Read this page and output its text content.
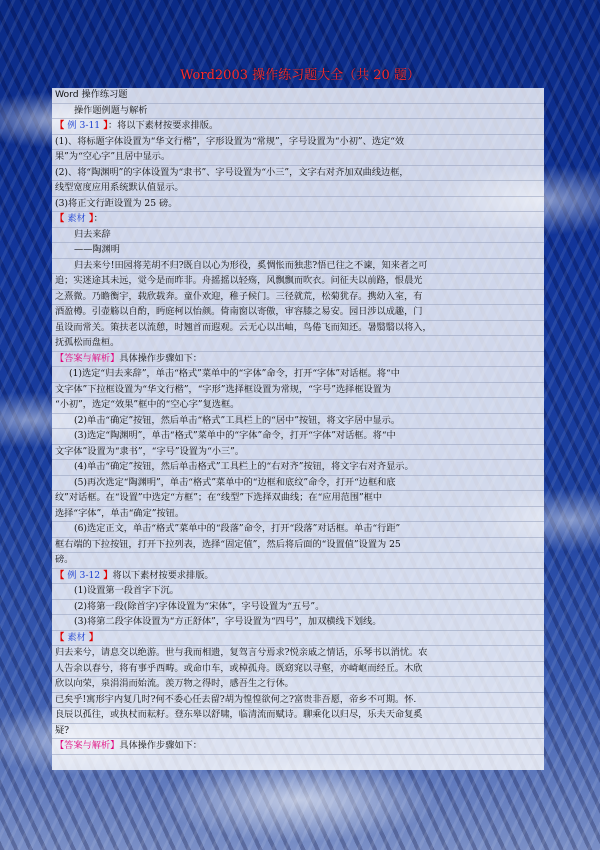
Word2003 操作练习题大全（共 20 题）
Word 操作练习题
操作题例题与解析
【 例 3-11 】：将以下素材按要求排版。
(1)、将标题字体设置为“华文行楷”，字形设置为“常规”，字号设置为“小初”、选定“效
果”为“空心字”且居中显示。
(2)、将“陶渊明”的字体设置为“隶书”、字号设置为“小三”，文字右对齐加双曲线边框，
线型宽度应用系统默认值显示。
(3)将正文行距设置为 25 磅。
【 素材 】：
归去来辞
——陶渊明
归去来兮!田园将芜胡不归?既自以心为形役，奚惆怅而独悲?悟已往之不谏，知来者之可
追；实迷途其未远，觉今是而昨非。舟摇摇以轻殇，风飘飘而吹衣。问征夫以前路，恨晨光
之熹微。乃瞻衡宇，载欣载奔。童仆欢迎，稚子候门。三径就荒，松菊犹存。携幼入室，有
酒盈樽。引壶觞以自酌，眄庭柯以怡颜。倚南窗以寄傲，审容膝之易安。园日涉以成趣，门
虽设而常关。策扶老以流憩，时翘首而遐观。云无心以出岫，鸟倦飞而知还。暑翳翳以将入，
抚孤松而盘桓。
【答案与解析】具体操作步骤如下：
(1)选定“归去来辞”，单击“格式”菜单中的“字体”命令，打开“字体”对话框。将“中
文字体”下拉框设置为“华文行楷”，“字形”选择框设置为常规，“字号”选择框设置为
“小初”，选定“效果”框中的“空心字”复选框。
(2)单击“确定”按钮，然后单击“格式”工具栏上的“居中”按钮，将文字居中显示。
(3)选定“陶渊明”，单击“格式”菜单中的“字体”命令，打开“字体”对话框。将“中
文字体”设置为“隶书”，“字号”设置为“小三”。
(4)单击“确定”按钮，然后单击格式”工具栏上的“右对齐”按钮，将文字右对齐显示。
(5)再次选定“陶渊明”，单击“格式”菜单中的“边框和底纹”命令，打开“边框和底
纹”对话框。在“设置”中选定“方框”；在“线型”下选择双曲线；在“应用范围”框中
选择“字体”，单击“确定”按钮。
(6)选定正文，单击“格式”菜单中的“段落”命令，打开“段落”对话框。单击“行距”
框右端的下拉按钮，打开下拉列表，选择“固定值”，然后将后面的“设置值”设置为 25
磅。
【 例 3-12 】将以下素材按要求排版。
(1)设置第一段首字下沉。
(2)将第一段(除首字)字体设置为“宋体”，字号设置为“五号”。
(3)将第二段字体设置为“方正舒体”，字号设置为“四号”，加双横线下划线。
【 素材 】
归去来兮，请息交以绝游。世与我而相遗，复驾言兮焉求?悦亲戚之情话，乐琴书以消忧。农
人告余以春兮，将有事乎西畴。或命巾车，或棹孤舟。既窈窕以寻壑，亦崎岖而经丘。木欣
欣以向荣，泉涓涓而始流。羡万物之得时，感吾生之行休。
已矣乎!寓形宇内复几时?何不委心任去留?胡为惶惶欲何之?富贵非吾愿，帝乡不可期。怀.
良辰以孤往，或执杖而耘籽。登东皋以舒啸，临清流而赋诗。聊乘化以归尽，乐夫天命复奚
疑?
【答案与解析】具体操作步骤如下：
